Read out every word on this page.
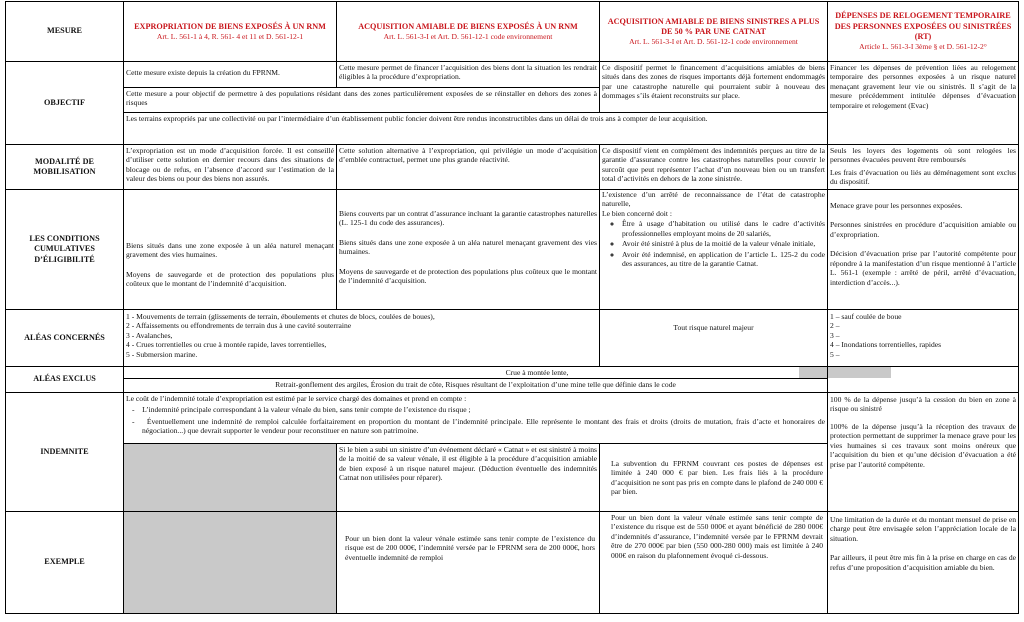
MESURE
EXPROPRIATION DE BIENS EXPOSÉS À UN RNM
Art. L. 561-1 à 4, R. 561- 4 et 11 et D. 561-12-1
ACQUISITION AMIABLE DE BIENS EXPOSÉS À UN RNM
Art. L. 561-3-I et Art. D. 561-12-1 code environnement
ACQUISITION AMIABLE DE BIENS SINISTRES A PLUS DE 50 % PAR UNE CATNAT
Art. L. 561-3-I et Art. D. 561-12-1 code environnement
DÉPENSES DE RELOGEMENT TEMPORAIRE DES PERSONNES EXPOSÉES OU SINISTRÉES (RT)
Article L. 561-3-I 3ème § et D. 561-12-2°
OBJECTIF
Cette mesure existe depuis la création du FPRNM.
Cette mesure permet de financer l’acquisition des biens dont la situation les rendrait éligibles à la procédure d’expropriation.
Ce dispositif permet le financement d’acquisitions amiables de biens situés dans des zones de risques importants déjà fortement endommagés par une catastrophe naturelle qui pourraient subir à nouveau des dommages s’ils étaient reconstruits sur place.
Cette mesure a pour objectif de permettre à des populations résidant dans des zones particulièrement exposées de se réinstaller en dehors des zones à risques
Les terrains expropriés par une collectivité ou par l’intermédiaire d’un établissement public foncier doivent être rendus inconstructibles dans un délai de trois ans à compter de leur acquisition.
Financer les dépenses de prévention liées au relogement temporaire des personnes exposées à un risque naturel menaçant gravement leur vie ou sinistrés. Il s’agit de la mesure précédemment intitulée dépenses d’évacuation temporaire et relogement (Evac)
MODALITÉ DE MOBILISATION
L’expropriation est un mode d’acquisition forcée. Il est conseillé d’utiliser cette solution en dernier recours dans des situations de blocage ou de refus, en l’absence d’accord sur l’estimation de la valeur des biens ou pour des biens non assurés.
Cette solution alternative à l’expropriation, qui privilégie un mode d’acquisition d’emblée contractuel, permet une plus grande réactivité.
Ce dispositif vient en complément des indemnités perçues au titre de la garantie d’assurance contre les catastrophes naturelles pour couvrir le surcoût que peut représenter l’achat d’un nouveau bien ou un transfert total d’activités en dehors de la zone sinistrée.

Seuls les loyers des logements où sont relogées les personnes évacuées peuvent être remboursés

Les frais d’évacuation ou liés au déménagement sont exclus du dispositif.

LES CONDITIONS CUMULATIVES D’ÉLIGIBILITÉ

Biens situés dans une zone exposée à un aléa naturel menaçant gravement des vies humaines.

Moyens de sauvegarde et de protection des populations plus coûteux que le montant de l’indemnité d’acquisition.

Biens couverts par un contrat d’assurance incluant la garantie catastrophes naturelles (L. 125-1 du code des assurances).

Biens situés dans une zone exposée à un aléa naturel menaçant gravement des vies humaines.

Moyens de sauvegarde et de protection des populations plus coûteux que le montant de l’indemnité d’acquisition.

L’existence d’un arrêté de reconnaissance de l’état de catastrophe naturelle,
Le bien concerné doit :
◦ Être à usage d’habitation ou utilisé dans le cadre d’activités professionnelles employant moins de 20 salariés,
◦ Avoir été sinistré à plus de la moitié de la valeur vénale initiale,
◦ Avoir été indemnisé, en application de l’article L. 125-2 du code des assurances, au titre de la garantie Catnat.

Menace grave pour les personnes exposées.

Personnes sinistrées en procédure d’acquisition amiable ou d’expropriation.

Décision d’évacuation prise par l’autorité compétente pour répondre à la manifestation d’un risque mentionné à l’article L. 561-1 (exemple : arrêté de péril, arrêté d’évacuation, interdiction d’accès...).

ALÉAS CONCERNÉS
1 - Mouvements de terrain (glissements de terrain, éboulements et chutes de blocs, coulées de boues),
2 - Affaissements ou effondrements de terrain dus à une cavité souterraine
3 - Avalanches,
4 - Crues torrentielles ou crue à montée rapide, laves torrentielles,
5 - Submersion marine.
Tout risque naturel majeur
1 – sauf coulée de boue
2 –
3 –
4 – Inondations torrentielles, rapides
5 –
ALÉAS EXCLUS
Crue à montée lente,
Retrait-gonflement des argiles, Érosion du trait de côte, Risques résultant de l’exploitation d’une mine telle que définie dans le code
INDEMNITE
Le coût de l’indemnité totale d’expropriation est estimé par le service chargé des domaines et prend en compte :
-    L’indemnité principale correspondant à la valeur vénale du bien, sans tenir compte de l’existence du risque ;
-    Éventuellement une indemnité de remploi calculée forfaitairement en proportion du montant de l’indemnité principale. Elle représente le montant des frais et droits (droits de mutation, frais d’acte et honoraires de négociation...) que devrait supporter le vendeur pour reconstituer en nature son patrimoine.
Si le bien a subi un sinistre d’un événement déclaré « Catnat » et est sinistré à moins de la moitié de sa valeur vénale, il est éligible à la procédure d’acquisition amiable de bien exposé à un risque naturel majeur. (Déduction éventuelle des indemnités Catnat non utilisées pour réparer).
La subvention du FPRNM couvrant ces postes de dépenses est limitée à 240 000 € par bien. Les frais liés à la procédure d’acquisition ne sont pas pris en compte dans le plafond de 240 000 € par bien.

100 % de la dépense jusqu’à la cession du bien en zone à risque ou sinistré

100% de la dépense jusqu’à la réception des travaux de protection permettant de supprimer la menace grave pour les vies humaines si ces travaux sont moins onéreux que l’acquisition du bien et qu’une décision d’évacuation a été prise par l’autorité compétente.

EXEMPLE
Pour un bien dont la valeur vénale estimée sans tenir compte de l’existence du risque est de 200 000€, l’indemnité versée par le FPRNM sera de 200 000€, hors éventuelle indemnité de remploi
Pour un bien dont la valeur vénale estimée sans tenir compte de l’existence du risque est de 550 000€ et ayant bénéficié de 280 000€ d’indemnités d’assurance, l’indemnité versée par le FPRNM devrait être de 270 000€ par bien (550 000-280 000) mais est limitée à 240 000€ en raison du plafonnement évoqué ci-dessous.

Une limitation de la durée et du montant mensuel de prise en charge peut être envisagée selon l’appréciation locale de la situation.

Par ailleurs, il peut être mis fin à la prise en charge en cas de refus d’une proposition d’acquisition amiable du bien.
